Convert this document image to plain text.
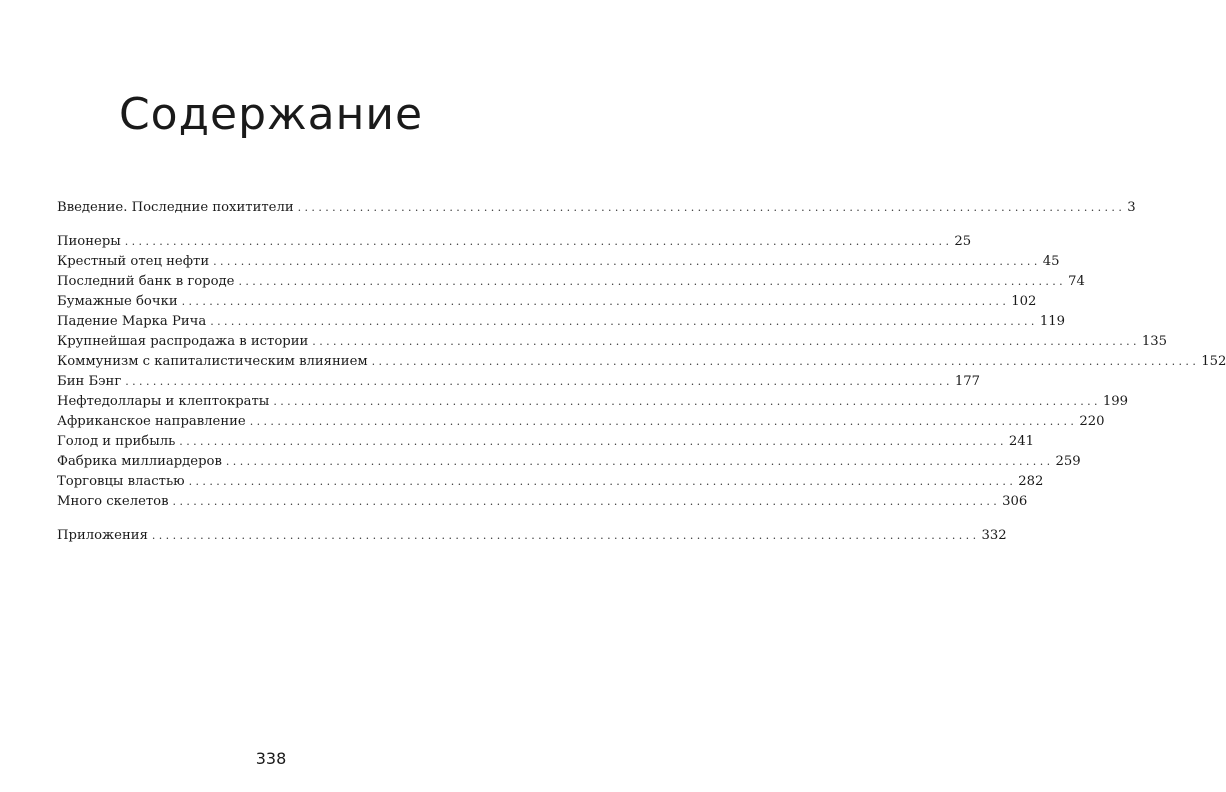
Содержание
Введение. Последние похитители ........................................................................................................................ 3
Пионеры ........................................................................................................................ 25
Крестный отец нефти ........................................................................................................................ 45
Последний банк в городе ........................................................................................................................ 74
Бумажные бочки ........................................................................................................................ 102
Падение Марка Рича ........................................................................................................................ 119
Крупнейшая распродажа в истории ........................................................................................................................ 135
Коммунизм с капиталистическим влиянием ........................................................................................................................ 152
Бин Бэнг ........................................................................................................................ 177
Нефтедоллары и клептократы ........................................................................................................................ 199
Африканское направление ........................................................................................................................ 220
Голод и прибыль ........................................................................................................................ 241
Фабрика миллиардеров ........................................................................................................................ 259
Торговцы властью ........................................................................................................................ 282
Много скелетов ........................................................................................................................ 306
Приложения ........................................................................................................................ 332
338
